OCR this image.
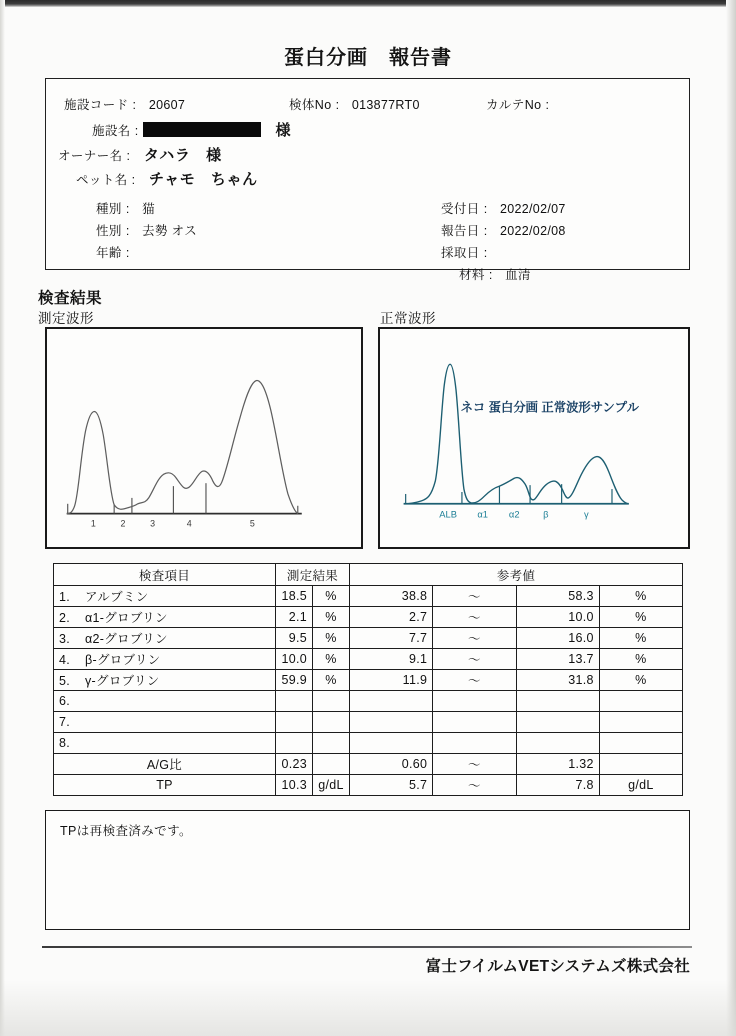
蛋白分画　報告書
施設コード : 20607	検体No : 013877RT0	カルテNo :
施設名 :	様
オーナー名 : タハラ　様
ペット名 : チャモ　ちゃん
種別 : 猫
性別 : 去勢 オス
年齢 :
受付日 : 2022/02/07
報告日 : 2022/02/08
採取日 :
材料 : 血清
検査結果
測定波形	正常波形
1	2	3	4	5
ネコ 蛋白分画 正常波形サンプル
ALB α1 α2 β	γ
検査項目	測定結果		参考値			
1. アルブミン	18.5	%	38.8	～	58.3	%
2. α1-グロブリン	2.1	%	2.7	～	10.0	%
3. α2-グロブリン	9.5	%	7.7	～	16.0	%
4. β-グロブリン	10.0	%	9.1	～	13.7	%
5. γ-グロブリン	59.9	%	11.9	～	31.8	%
6.						
7.						
8.						
A/G比	0.23		0.60	～	1.32	
TP	10.3	g/dL	5.7	～	7.8	g/dL
TPは再検査済みです。
富士フイルムVETシステムズ株式会社
